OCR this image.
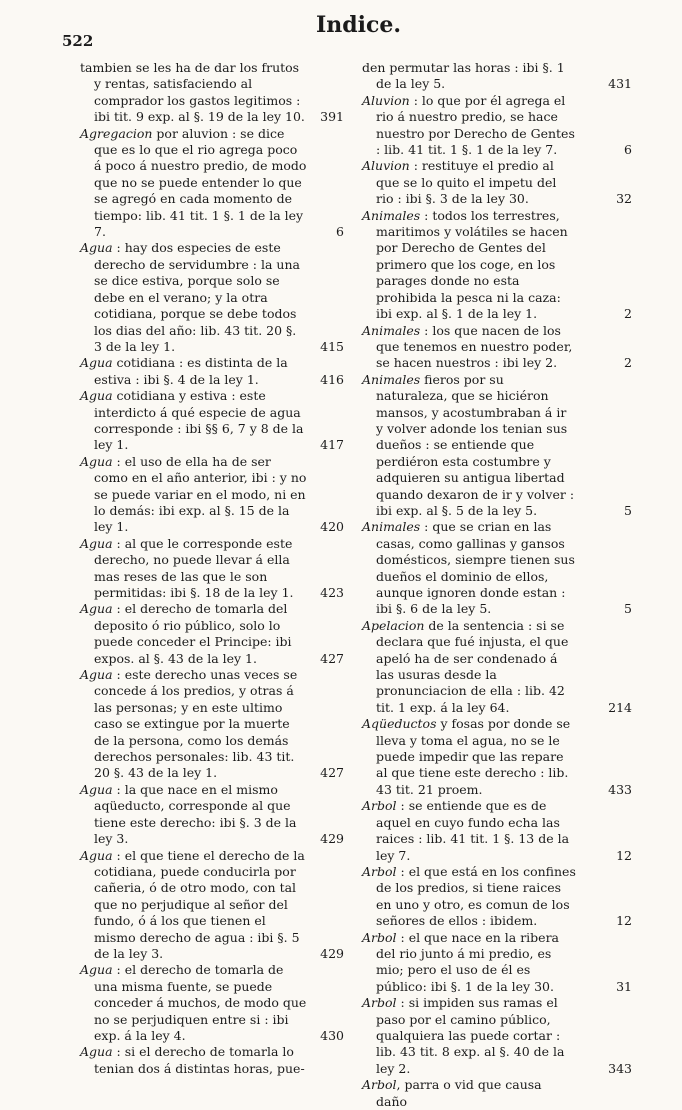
522
Indice.

tambien se les ha de dar los frutos y rentas, satisfaciendo al comprador los gastos legitimos : ibi tit. 9 exp. al §. 19 de la ley 10. 391

Agregacion por aluvion : se dice que es lo que el rio agrega poco á poco á nuestro predio, de modo que no se puede entender lo que se agregó en cada momento de tiempo: lib. 41 tit. 1 §. 1 de la ley 7.	6

Agua : hay dos especies de este derecho de servidumbre : la una se dice estiva, porque solo se debe en el verano; y la otra cotidiana, porque se debe todos los dias del año: lib. 43 tit. 20 §. 3 de la ley 1.	415

Agua cotidiana : es distinta de la estiva : ibi §. 4 de la ley 1.	416

Agua cotidiana y estiva : este interdicto á qué especie de agua corresponde : ibi §§ 6, 7 y 8 de la ley 1.	417

Agua : el uso de ella ha de ser como en el año anterior, ibi : y no se puede variar en el modo, ni en lo demás: ibi exp. al §. 15 de la ley 1.	420

Agua : al que le corresponde este derecho, no puede llevar á ella mas reses de las que le son permitidas: ibi §. 18 de la ley 1. 423

Agua : el derecho de tomarla del deposito ó rio público, solo lo puede conceder el Principe: ibi expos. al §. 43 de la ley 1.	427

Agua : este derecho unas veces se concede á los predios, y otras á las personas; y en este ultimo caso se extingue por la muerte de la persona, como los demás derechos personales: lib. 43 tit. 20 §. 43 de la ley 1.	427

Agua : la que nace en el mismo aqüeducto, corresponde al que tiene este derecho: ibi §. 3 de la ley 3.	429

Agua : el que tiene el derecho de la cotidiana, puede conducirla por cañeria, ó de otro modo, con tal que no perjudique al señor del fundo, ó á los que tienen el mismo derecho de agua : ibi §. 5 de la ley 3.	429

Agua : el derecho de tomarla de una misma fuente, se puede conceder á muchos, de modo que no se perjudiquen entre si : ibi exp. á la ley 4.	430

Agua : si el derecho de tomarla lo tenian dos á distintas horas, pue-

den permutar las horas : ibi §. 1 de la ley 5.	431

Aluvion : lo que por él agrega el rio á nuestro predio, se hace nuestro por Derecho de Gentes : lib. 41 tit. 1 §. 1 de la ley 7.	6

Aluvion : restituye el predio al que se lo quito el impetu del rio : ibi §. 3 de la ley 30.	32

Animales : todos los terrestres, maritimos y volátiles se hacen por Derecho de Gentes del primero que los coge, en los parages donde no esta prohibida la pesca ni la caza: ibi exp. al §. 1 de la ley 1.	2

Animales : los que nacen de los que tenemos en nuestro poder, se hacen nuestros : ibi ley 2.	2

Animales fieros por su naturaleza, que se hiciéron mansos, y acostumbraban á ir y volver adonde los tenian sus dueños : se entiende que perdiéron esta costumbre y adquieren su antigua libertad quando dexaron de ir y volver : ibi exp. al §. 5 de la ley 5.	5

Animales : que se crian en las casas, como gallinas y gansos domésticos, siempre tienen sus dueños el dominio de ellos, aunque ignoren donde estan : ibi §. 6 de la ley 5.	5

Apelacion de la sentencia : si se declara que fué injusta, el que apeló ha de ser condenado á las usuras desde la pronunciacion de ella : lib. 42 tit. 1 exp. á la ley 64.	214

Aqüeductos y fosas por donde se lleva y toma el agua, no se le puede impedir que las repare al que tiene este derecho : lib. 43 tit. 21 proem.	433

Arbol : se entiende que es de aquel en cuyo fundo echa las raices : lib. 41 tit. 1 §. 13 de la ley 7.	12

Arbol : el que está en los confines de los predios, si tiene raices en uno y otro, es comun de los señores de ellos : ibidem.	12

Arbol : el que nace en la ribera del rio junto á mi predio, es mio; pero el uso de él es público: ibi §. 1 de la ley 30.	31

Arbol : si impiden sus ramas el paso por el camino público, qualquiera las puede cortar : lib. 43 tit. 8 exp. al §. 40 de la ley 2.	343

Arbol, parra o vid que causa daño
